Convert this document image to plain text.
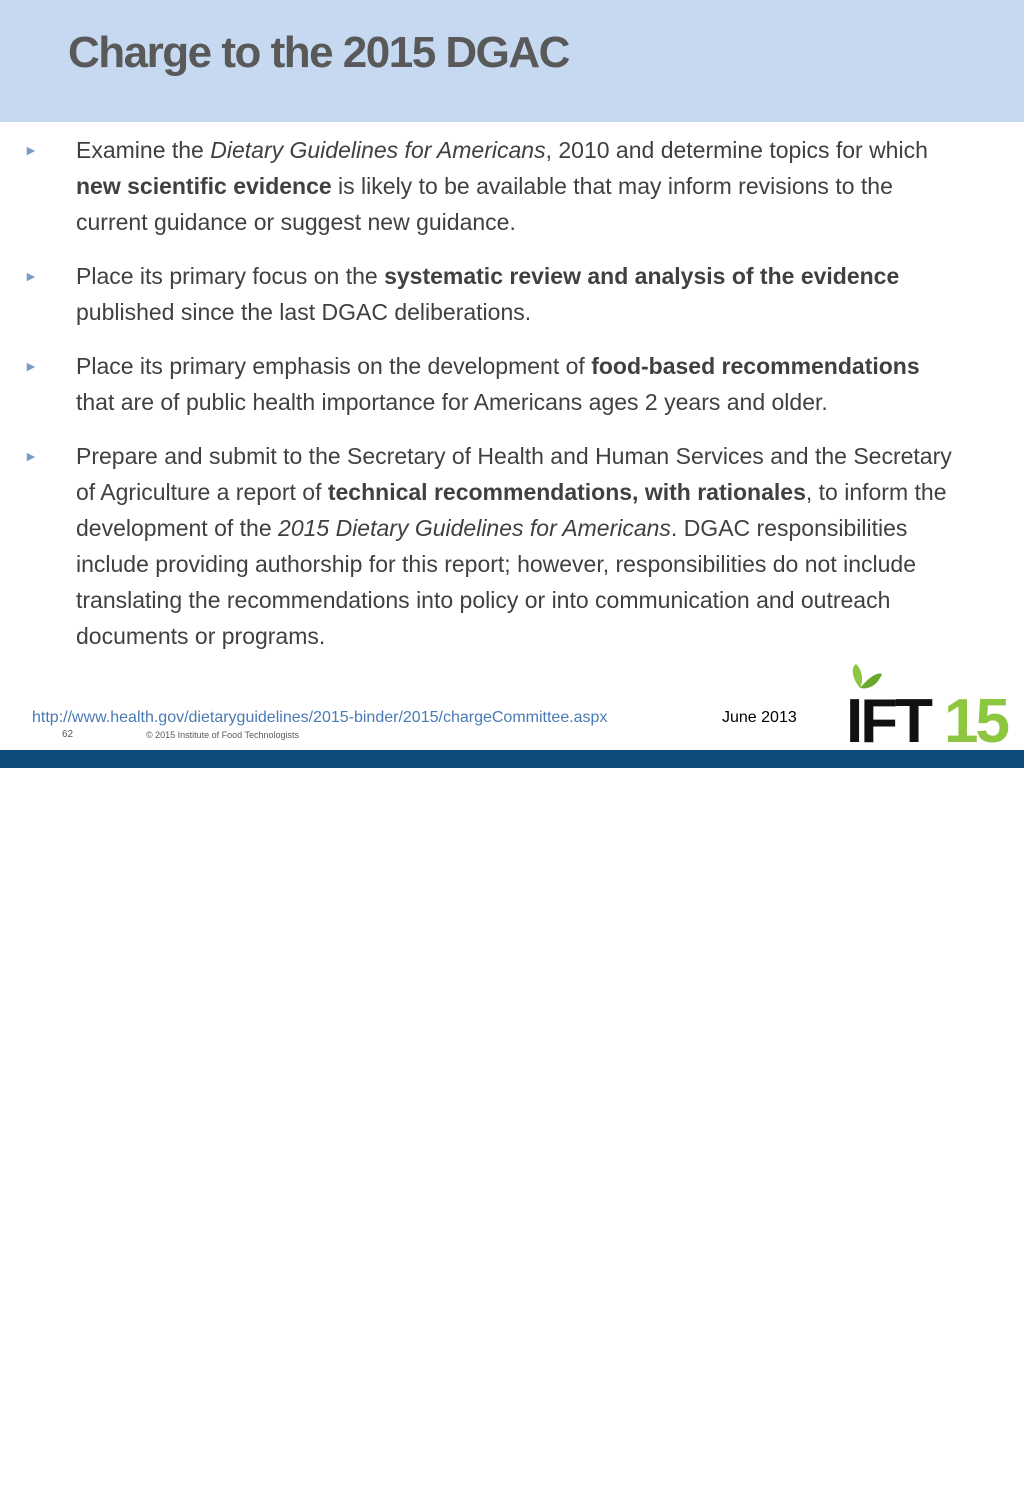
Charge to the 2015 DGAC
► Examine the Dietary Guidelines for Americans, 2010 and determine topics for which new scientific evidence is likely to be available that may inform revisions to the current guidance or suggest new guidance.
► Place its primary focus on the systematic review and analysis of the evidence published since the last DGAC deliberations.
► Place its primary emphasis on the development of food-based recommendations that are of public health importance for Americans ages 2 years and older.
► Prepare and submit to the Secretary of Health and Human Services and the Secretary of Agriculture a report of technical recommendations, with rationales, to inform the development of the 2015 Dietary Guidelines for Americans. DGAC responsibilities include providing authorship for this report; however, responsibilities do not include translating the recommendations into policy or into communication and outreach documents or programs.
http://www.health.gov/dietaryguidelines/2015-binder/2015/chargeCommittee.aspx	June 2013
62	© 2015 Institute of Food Technologists	IFT 15
Where Science Feeds Innovation
